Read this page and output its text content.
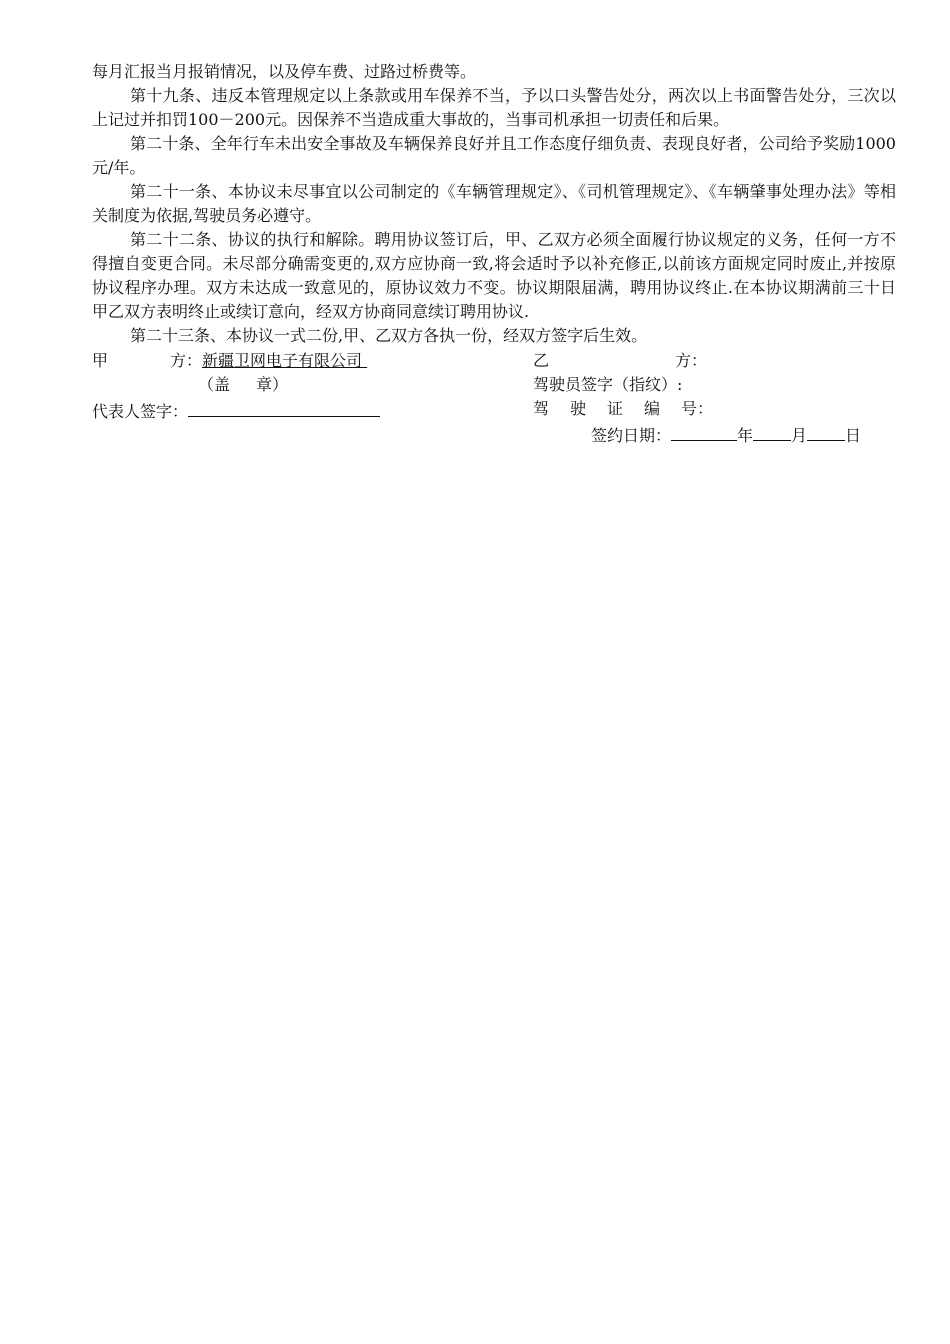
每月汇报当月报销情况，以及停车费、过路过桥费等。

第十九条、违反本管理规定以上条款或用车保养不当，予以口头警告处分，两次以上书面警告处分，三次以上记过并扣罚100－200元。因保养不当造成重大事故的，当事司机承担一切责任和后果。

第二十条、全年行车未出安全事故及车辆保养良好并且工作态度仔细负责、表现良好者，公司给予奖励1000元/年。

第二十一条、本协议未尽事宜以公司制定的《车辆管理规定》、《司机管理规定》、《车辆肇事处理办法》等相关制度为依据,驾驶员务必遵守。

第二十二条、协议的执行和解除。聘用协议签订后，甲、乙双方必须全面履行协议规定的义务，任何一方不得擅自变更合同。未尽部分确需变更的,双方应协商一致,将会适时予以补充修正,以前该方面规定同时废止,并按原协议程序办理。双方未达成一致意见的，原协议效力不变。协议期限届满，聘用协议终止.在本协议期满前三十日甲乙双方表明终止或续订意向，经双方协商同意续订聘用协议.

第二十三条、本协议一式二份,甲、乙双方各执一份，经双方签字后生效。

甲	方：新疆卫网电子有限公司	乙	方：
（盖 章）	驾驶员签字（指纹）:
代表人签字：	驾 驶 证 编 号：
签约日期：	年 月 日
